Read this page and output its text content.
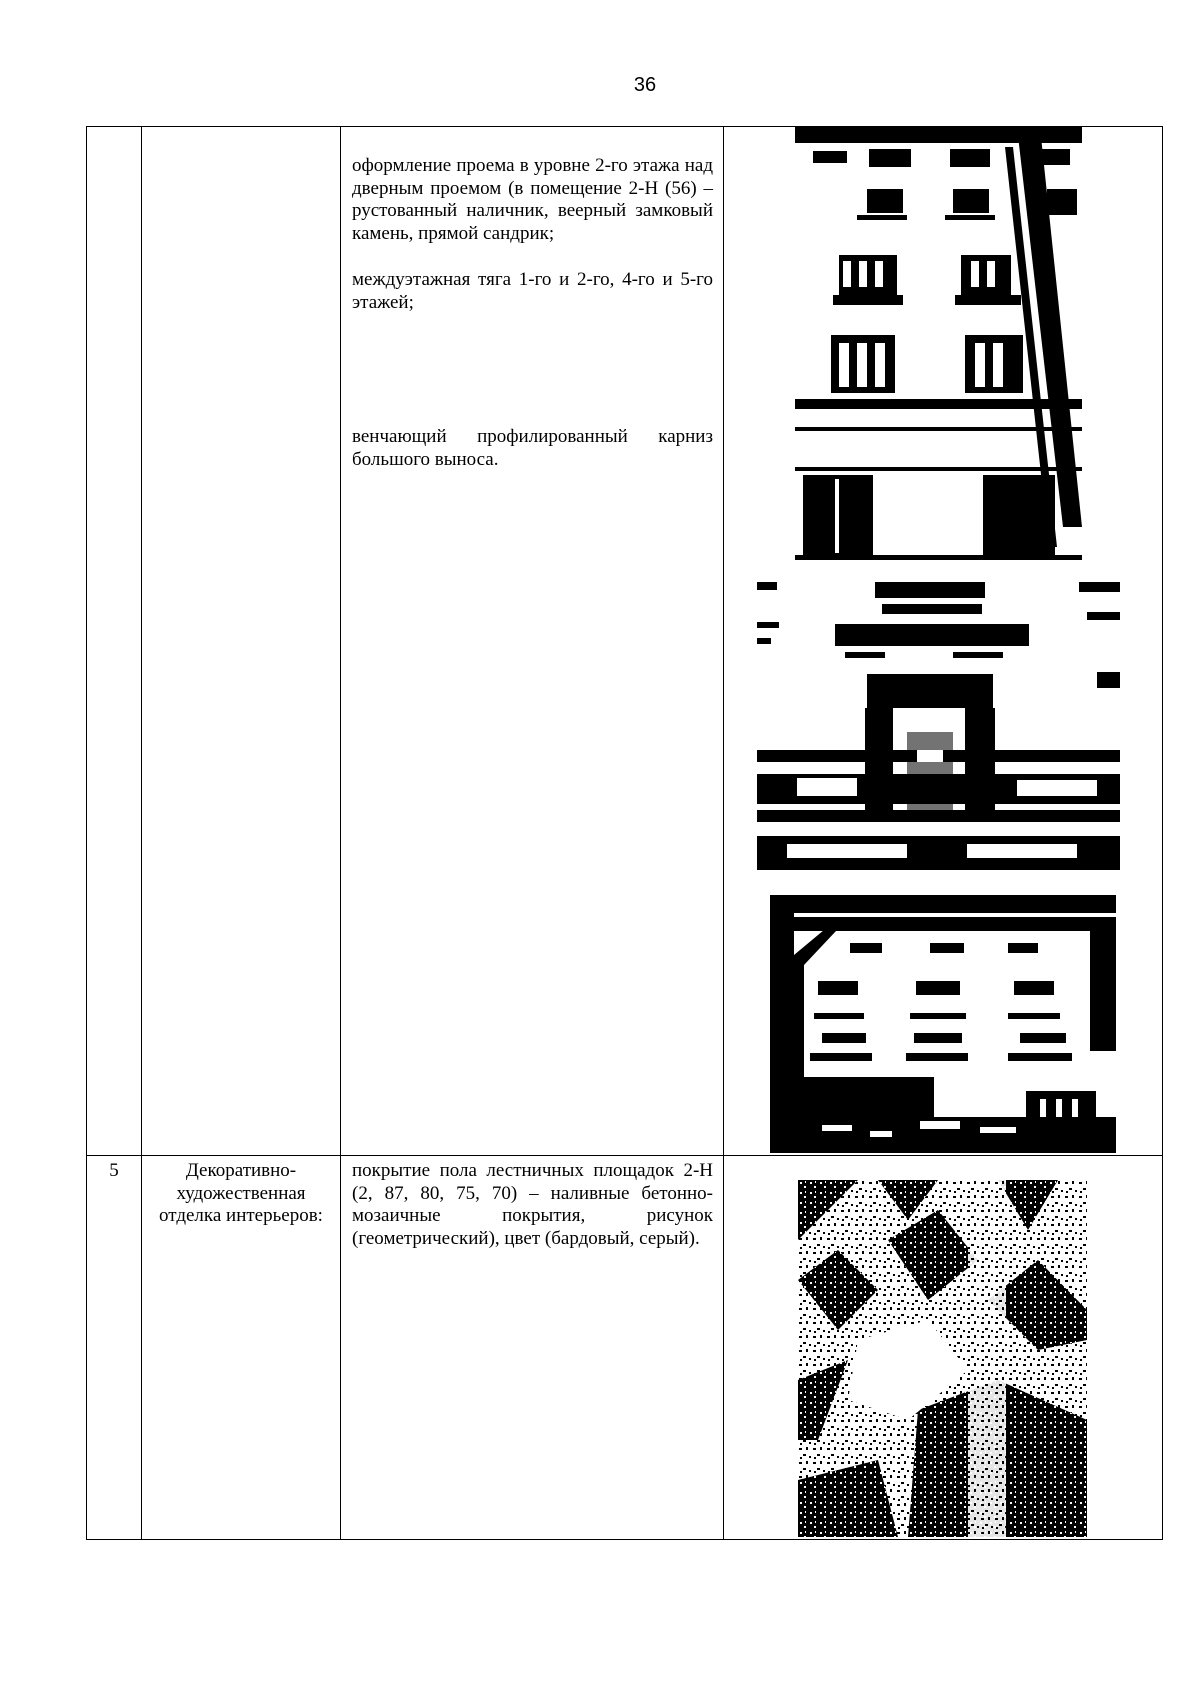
36

		оформление проема в уровне 2-го этажа над дверным проемом (в помещение 2-Н (56) – рустованный наличник, веерный замковый камень, прямой сандрик;

междуэтажная тяга 1-го и 2-го, 4-го и 5-го этажей;

венчающий профилированный карниз большого выноса.

5	Декоративно-художественная отделка интерьеров:	покрытие пола лестничных площадок 2-Н (2, 87, 80, 75, 70) – наливные бетонно-мозаичные покрытия, рисунок (геометрический), цвет (бардовый, серый).
